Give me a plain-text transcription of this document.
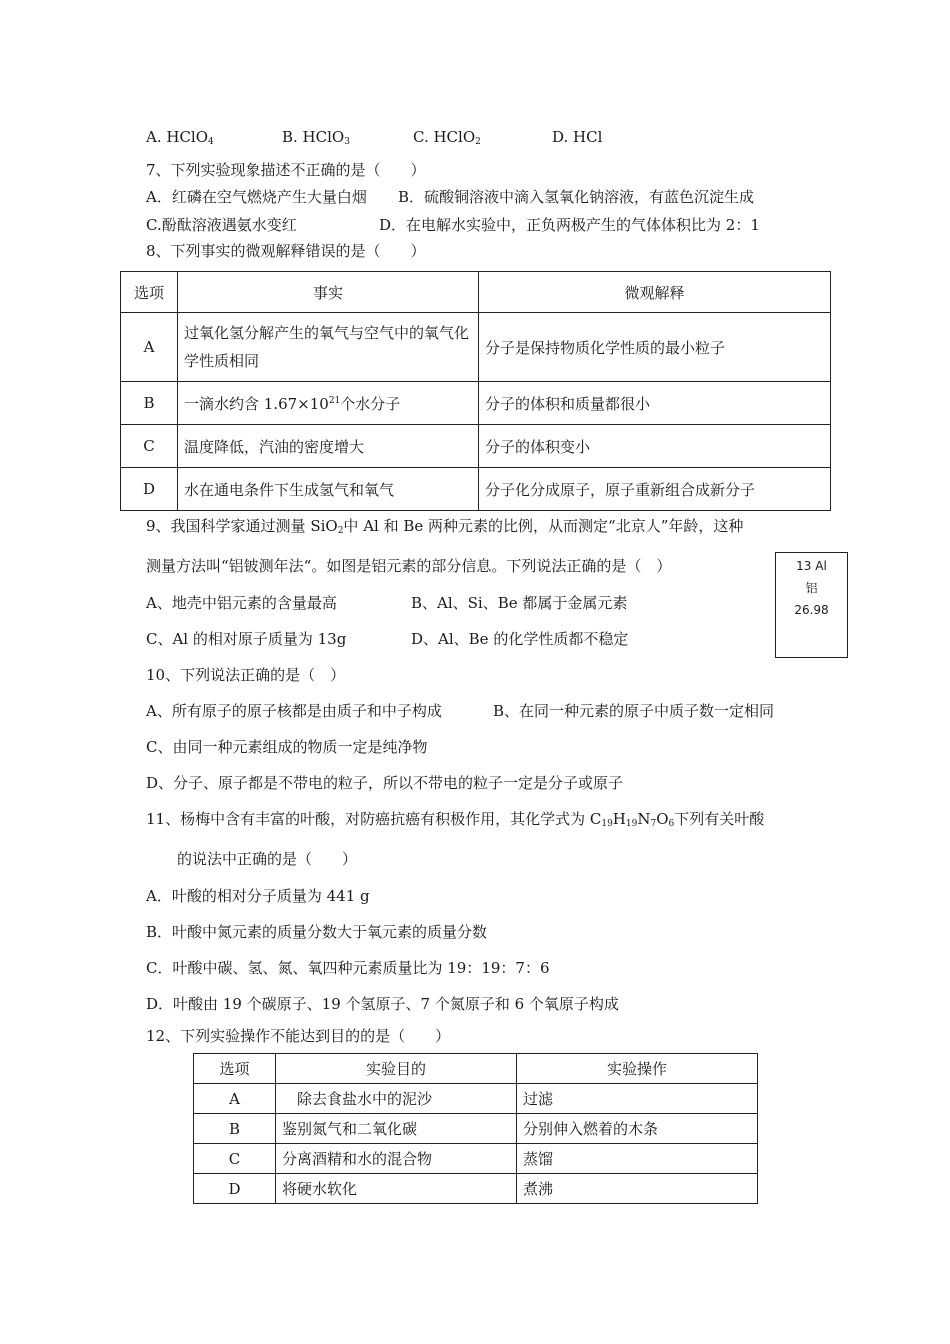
A. HClO$_4$	B. HClO$_3$	C. HClO$_2$	D. HCl
7、下列实验现象描述不正确的是（　　）
A．红磷在空气燃烧产生大量白烟 B．硫酸铜溶液中滴入氢氧化钠溶液，有蓝色沉淀生成
C.酚酞溶液遇氨水变红	D．在电解水实验中，正负两极产生的气体体积比为 2：1
8、下列事实的微观解释错误的是（　　）
选项	事实	微观解释
A	过氧化氢分解产生的氧气与空气中的氧气化学性质相同	分子是保持物质化学性质的最小粒子
B	一滴水约含 $1.67\times 10^{21}$个水分子	分子的体积和质量都很小
C	温度降低，汽油的密度增大	分子的体积变小
D	水在通电条件下生成氢气和氧气	分子化分成原子，原子重新组合成新分子
9、我国科学家通过测量 SiO$_2$中 Al 和 Be 两种元素的比例，从而测定“北京人”年龄，这种
测量方法叫“铝铍测年法“。如图是铝元素的部分信息。下列说法正确的是（　）
A、地壳中铝元素的含量最高	B、Al、Si、Be 都属于金属元素
C、Al 的相对原子质量为 13g	D、Al、Be 的化学性质都不稳定
13 Al
铝
26.98
10、下列说法正确的是（　）
A、所有原子的原子核都是由质子和中子构成	B、在同一种元素的原子中质子数一定相同
C、由同一种元素组成的物质一定是纯净物
D、分子、原子都是不带电的粒子，所以不带电的粒子一定是分子或原子
11、杨梅中含有丰富的叶酸，对防癌抗癌有积极作用，其化学式为 $C_{19}H_{19}N_7O_6$下列有关叶酸
的说法中正确的是（　　）
A．叶酸的相对分子质量为 441 g
B．叶酸中氮元素的质量分数大于氧元素的质量分数
C．叶酸中碳、氢、氮、氧四种元素质量比为 19：19：7：6
D．叶酸由 19 个碳原子、19 个氢原子、7 个氮原子和 6 个氧原子构成
12、下列实验操作不能达到目的的是（　　）
选项	实验目的	实验操作
A	　除去食盐水中的泥沙	过滤
B	鉴别氮气和二氧化碳	分别伸入燃着的木条
C	分离酒精和水的混合物	蒸馏
D	将硬水软化	煮沸
